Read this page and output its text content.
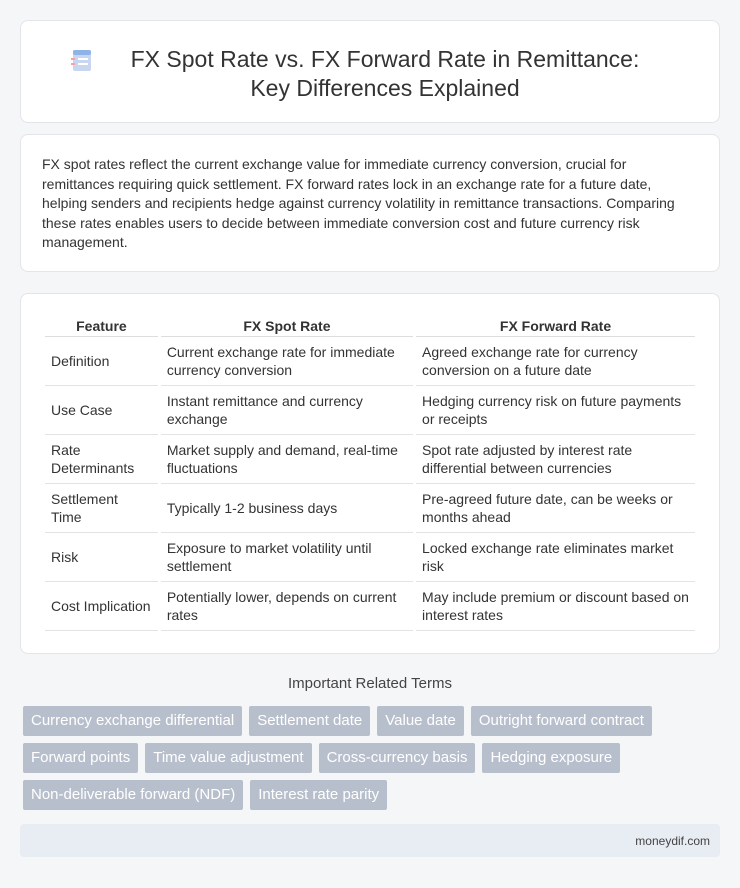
FX Spot Rate vs. FX Forward Rate in Remittance: Key Differences Explained

FX spot rates reflect the current exchange value for immediate currency conversion, crucial for remittances requiring quick settlement. FX forward rates lock in an exchange rate for a future date, helping senders and recipients hedge against currency volatility in remittance transactions. Comparing these rates enables users to decide between immediate conversion cost and future currency risk management.

Feature	FX Spot Rate	FX Forward Rate
Definition	Current exchange rate for immediate currency conversion	Agreed exchange rate for currency conversion on a future date
Use Case	Instant remittance and currency exchange	Hedging currency risk on future payments or receipts
Rate Determinants	Market supply and demand, real-time fluctuations	Spot rate adjusted by interest rate differential between currencies
Settlement Time	Typically 1-2 business days	Pre-agreed future date, can be weeks or months ahead
Risk	Exposure to market volatility until settlement	Locked exchange rate eliminates market risk
Cost Implication	Potentially lower, depends on current rates	May include premium or discount based on interest rates
Important Related Terms
Currency exchange differential	Settlement date	Value date	Outright forward contract
Forward points	Time value adjustment	Cross-currency basis	Hedging exposure
Non-deliverable forward (NDF)	Interest rate parity
moneydif.com
